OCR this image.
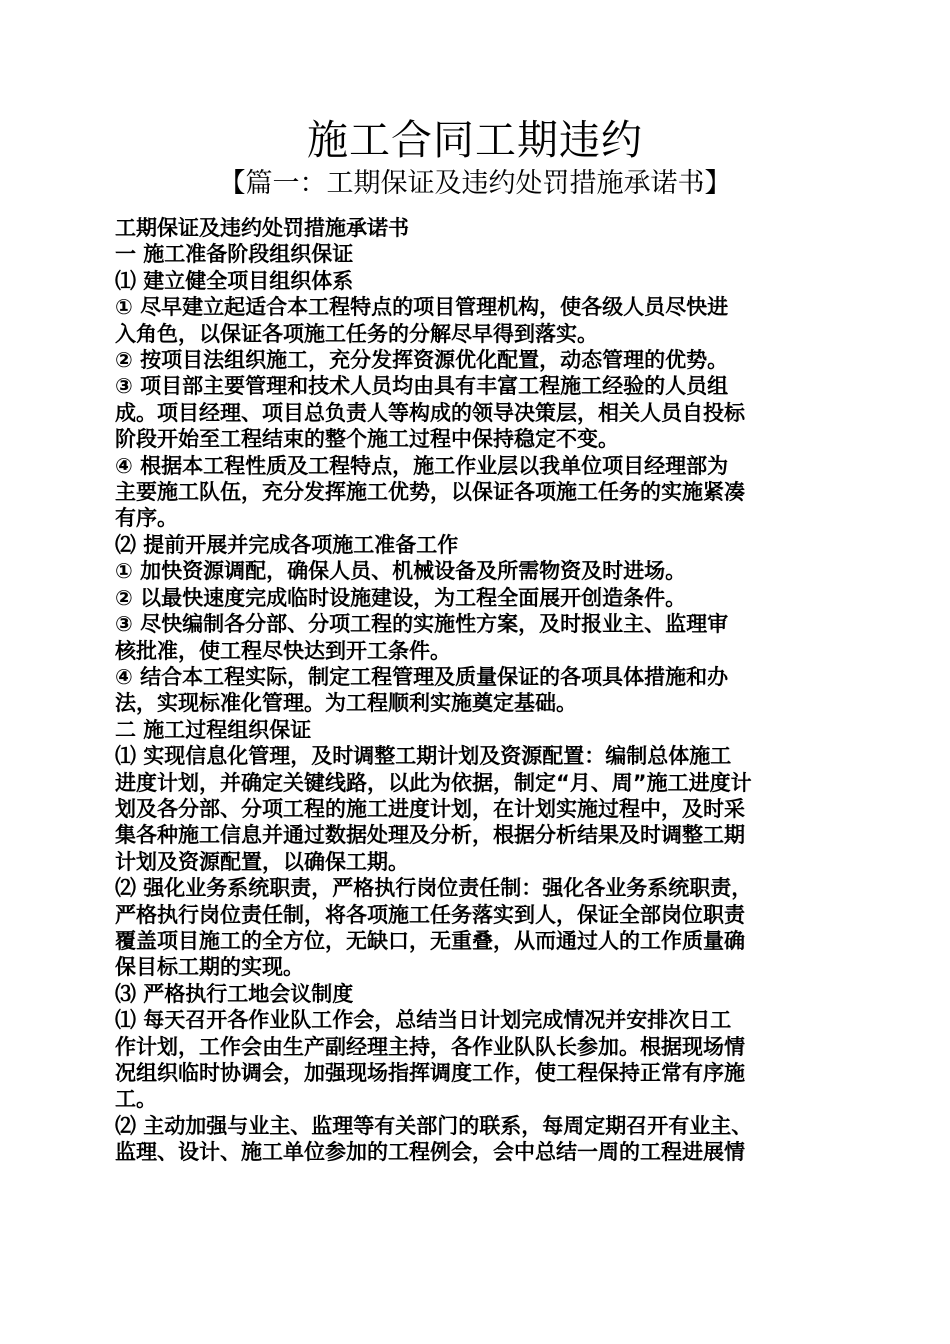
施工合同工期违约
【篇一：工期保证及违约处罚措施承诺书】
工期保证及违约处罚措施承诺书
一 施工准备阶段组织保证
⑴ 建立健全项目组织体系
① 尽早建立起适合本工程特点的项目管理机构，使各级人员尽快进
入角色，以保证各项施工任务的分解尽早得到落实。
② 按项目法组织施工，充分发挥资源优化配置，动态管理的优势。
③ 项目部主要管理和技术人员均由具有丰富工程施工经验的人员组
成。项目经理、项目总负责人等构成的领导决策层，相关人员自投标
阶段开始至工程结束的整个施工过程中保持稳定不变。
④ 根据本工程性质及工程特点，施工作业层以我单位项目经理部为
主要施工队伍，充分发挥施工优势，以保证各项施工任务的实施紧凑
有序。
⑵ 提前开展并完成各项施工准备工作
① 加快资源调配，确保人员、机械设备及所需物资及时进场。
② 以最快速度完成临时设施建设，为工程全面展开创造条件。
③ 尽快编制各分部、分项工程的实施性方案，及时报业主、监理审
核批准，使工程尽快达到开工条件。
④ 结合本工程实际，制定工程管理及质量保证的各项具体措施和办
法，实现标准化管理。为工程顺利实施奠定基础。
二 施工过程组织保证
⑴ 实现信息化管理，及时调整工期计划及资源配置：编制总体施工
进度计划，并确定关键线路，以此为依据，制定“月、周”施工进度计
划及各分部、分项工程的施工进度计划，在计划实施过程中，及时采
集各种施工信息并通过数据处理及分析，根据分析结果及时调整工期
计划及资源配置，以确保工期。
⑵ 强化业务系统职责，严格执行岗位责任制：强化各业务系统职责，
严格执行岗位责任制，将各项施工任务落实到人，保证全部岗位职责
覆盖项目施工的全方位，无缺口，无重叠，从而通过人的工作质量确
保目标工期的实现。
⑶ 严格执行工地会议制度
⑴ 每天召开各作业队工作会，总结当日计划完成情况并安排次日工
作计划，工作会由生产副经理主持，各作业队队长参加。根据现场情
况组织临时协调会，加强现场指挥调度工作，使工程保持正常有序施
工。
⑵ 主动加强与业主、监理等有关部门的联系，每周定期召开有业主、
监理、设计、施工单位参加的工程例会，会中总结一周的工程进展情
